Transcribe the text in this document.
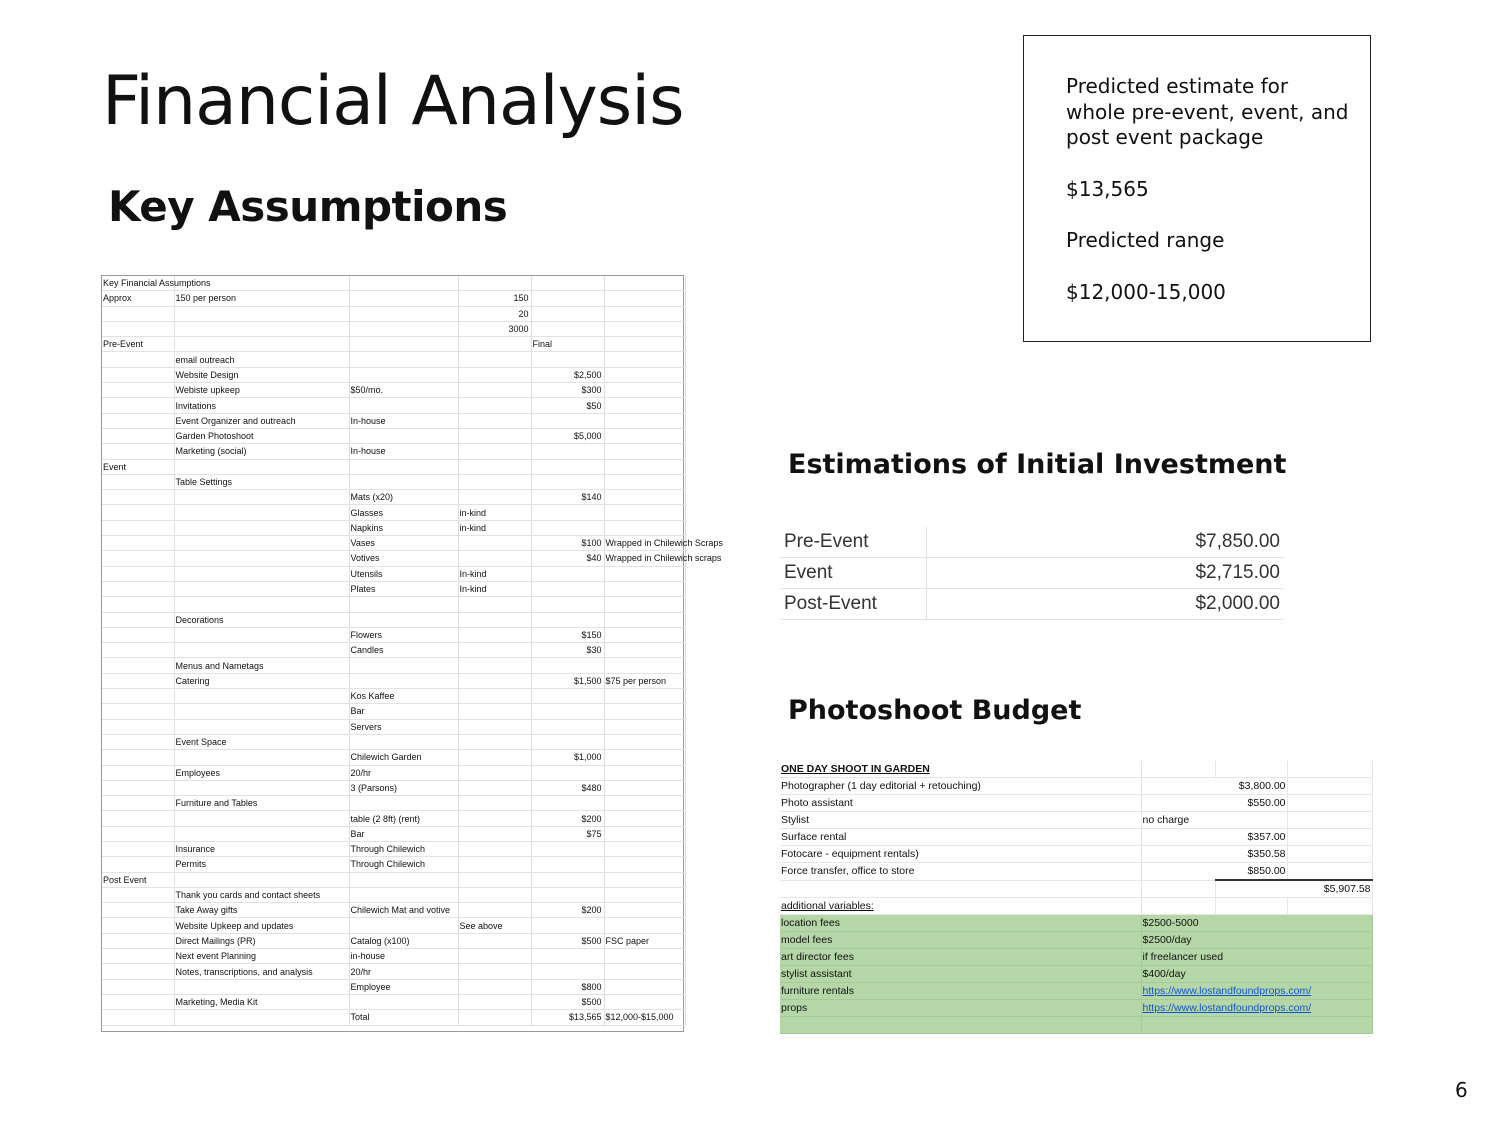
Financial Analysis
Key Assumptions

Predicted estimate for whole pre-event, event, and post event package

$13,565

Predicted range

$12,000-15,000

Key Financial Assumptions					
Approx	150 per person		150		
			20		
			3000		
Pre-Event				Final	
	email outreach				
	Website Design			$2,500	
	Webiste upkeep	$50/mo.		$300	
	Invitations			$50	
	Event Organizer and outreach	In-house			
	Garden Photoshoot			$5,000	
	Marketing (social)	In-house			
Event					
	Table Settings				
		Mats (x20)		$140	
		Glasses	in-kind		
		Napkins	in-kind		
		Vases		$100	Wrapped in Chilewich Scraps
		Votives		$40	Wrapped in Chilewich scraps
		Utensils	In-kind		
		Plates	In-kind		

	Decorations				
		Flowers		$150	
		Candles		$30	
	Menus and Nametags				
	Catering			$1,500	$75 per person
		Kos Kaffee			
		Bar			
		Servers			
	Event Space				
		Chilewich Garden		$1,000	
	Employees	20/hr			
		3 (Parsons)		$480	
	Furniture and Tables				
		table (2 8ft) (rent)		$200	
		Bar		$75	
	Insurance	Through Chilewich			
	Permits	Through Chilewich			
Post Event					
	Thank you cards and contact sheets				
	Take Away gifts	Chilewich Mat and votive		$200	
	Website Upkeep and updates		See above		
	Direct Mailings (PR)	Catalog (x100)		$500	FSC paper
	Next event Planning	in-house			
	Notes, transcriptions, and analysis	20/hr			
		Employee		$800	
	Marketing, Media Kit			$500	
		Total		$13,565	$12,000-$15,000
Estimations of Initial Investment
Pre-Event	$7,850.00
Event	$2,715.00
Post-Event	$2,000.00
Photoshoot Budget
ONE DAY SHOOT IN GARDEN			
Photographer (1 day editorial + retouching)	$3,800.00		
Photo assistant	$550.00		
Stylist	no charge		
Surface rental	$357.00		
Fotocare - equipment rentals)	$350.58		
Force transfer, office to store	$850.00		
		$5,907.58	
additional variables:			
location fees	$2500-5000		
model fees	$2500/day		
art director fees	if freelancer used		
stylist assistant	$400/day		
furniture rentals	https://www.lostandfoundprops.com/		
props	https://www.lostandfoundprops.com/		

6
